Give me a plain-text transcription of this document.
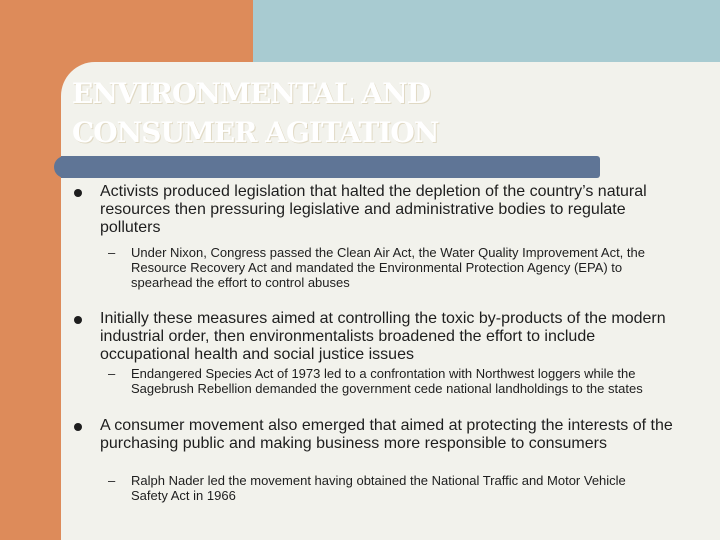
ENVIRONMENTAL AND
CONSUMER AGITATION

Activists produced legislation that halted the depletion of the country’s natural resources then pressuring legislative and administrative bodies to regulate polluters

– Under Nixon, Congress passed the Clean Air Act, the Water Quality Improvement Act, the Resource Recovery Act and mandated the Environmental Protection Agency (EPA) to spearhead the effort to control abuses

Initially these measures aimed at controlling the toxic by-products of the modern industrial order, then environmentalists broadened the effort to include occupational health and social justice issues

– Endangered Species Act of 1973 led to a confrontation with Northwest loggers while the Sagebrush Rebellion demanded the government cede national landholdings to the states

A consumer movement also emerged that aimed at protecting the interests of the purchasing public and making business more responsible to consumers

– Ralph Nader led the movement having obtained the National Traffic and Motor Vehicle Safety Act in 1966
